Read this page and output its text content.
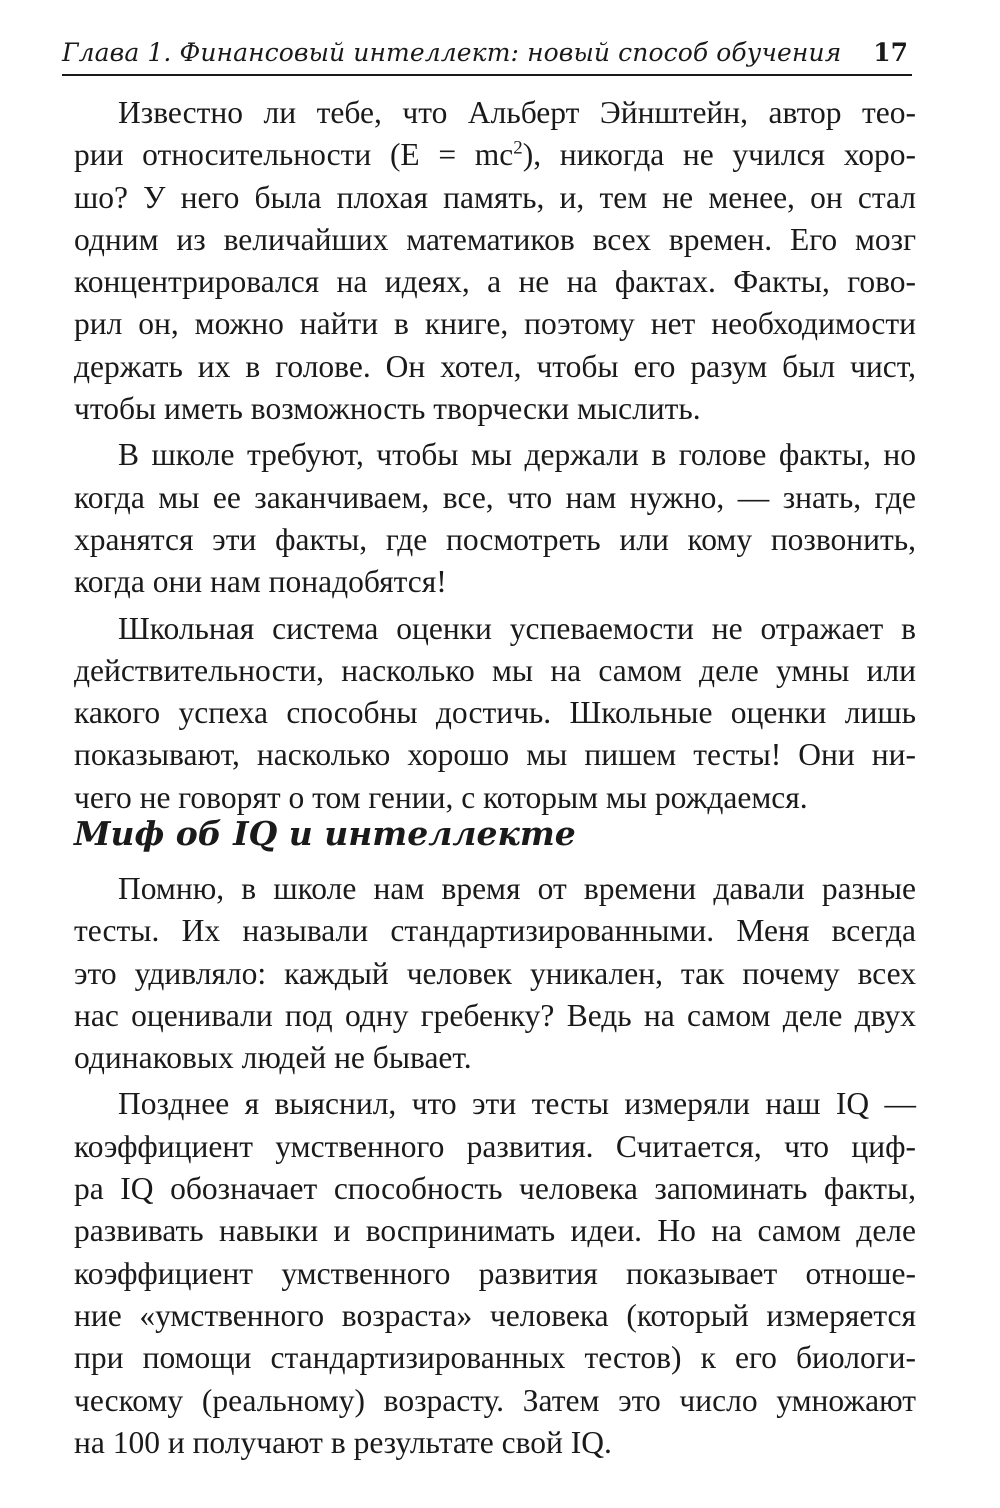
Глава 1. Финансовый интеллект: новый способ обучения 17
Известно ли тебе, что Альберт Эйнштейн, автор тео-
рии относительности $(E = mc^2)$, никогда не учился хоро-
шо? У него была плохая память, и, тем не менее, он стал
одним из величайших математиков всех времен. Его мозг
концентрировался на идеях, а не на фактах. Факты, гово-
рил он, можно найти в книге, поэтому нет необходимости
держать их в голове. Он хотел, чтобы его разум был чист,
чтобы иметь возможность творчески мыслить.
В школе требуют, чтобы мы держали в голове факты, но
когда мы ее заканчиваем, все, что нам нужно, — знать, где
хранятся эти факты, где посмотреть или кому позвонить,
когда они нам понадобятся!
Школьная система оценки успеваемости не отражает в
действительности, насколько мы на самом деле умны или
какого успеха способны достичь. Школьные оценки лишь
показывают, насколько хорошо мы пишем тесты! Они ни-
чего не говорят о том гении, с которым мы рождаемся.
Миф об IQ и интеллекте
Помню, в школе нам время от времени давали разные
тесты. Их называли стандартизированными. Меня всегда
это удивляло: каждый человек уникален, так почему всех
нас оценивали под одну гребенку? Ведь на самом деле двух
одинаковых людей не бывает.
Позднее я выяснил, что эти тесты измеряли наш IQ —
коэффициент умственного развития. Считается, что циф-
ра IQ обозначает способность человека запоминать факты,
развивать навыки и воспринимать идеи. Но на самом деле
коэффициент умственного развития показывает отноше-
ние «умственного возраста» человека (который измеряется
при помощи стандартизированных тестов) к его биологи-
ческому (реальному) возрасту. Затем это число умножают
на 100 и получают в результате свой IQ.
